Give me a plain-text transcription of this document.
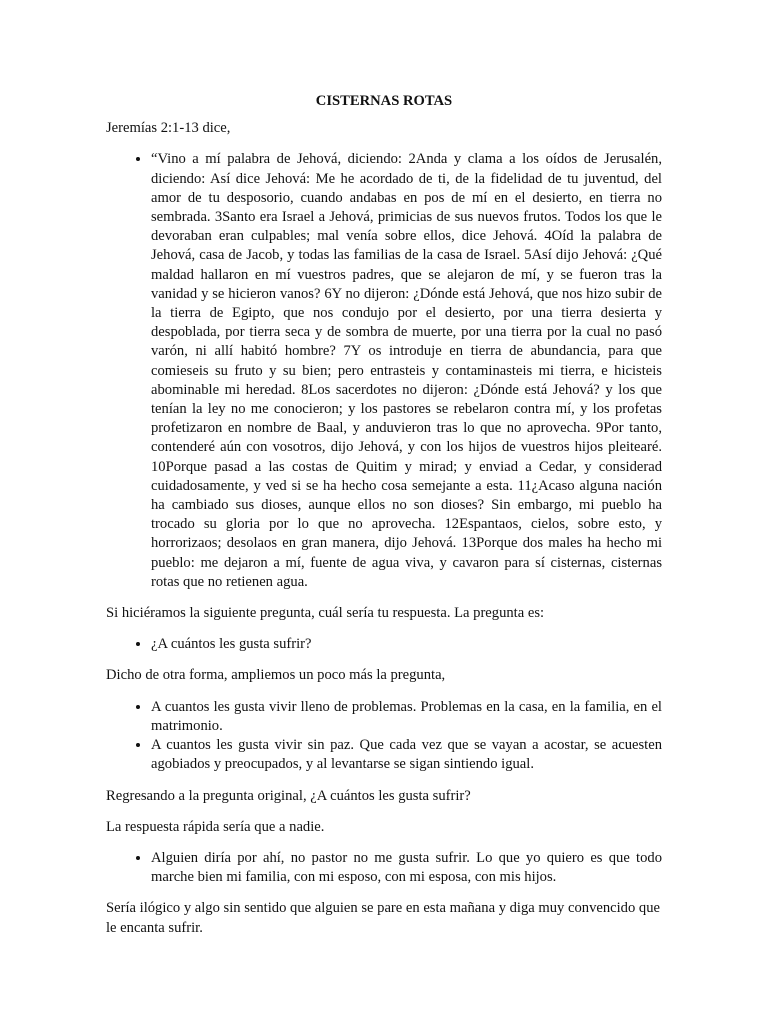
CISTERNAS ROTAS

Jeremías 2:1-13 dice,

• “Vino a mí palabra de Jehová, diciendo: 2Anda y clama a los oídos de Jerusalén, diciendo: Así dice Jehová: Me he acordado de ti, de la fidelidad de tu juventud, del amor de tu desposorio, cuando andabas en pos de mí en el desierto, en tierra no sembrada. 3Santo era Israel a Jehová, primicias de sus nuevos frutos. Todos los que le devoraban eran culpables; mal venía sobre ellos, dice Jehová. 4Oíd la palabra de Jehová, casa de Jacob, y todas las familias de la casa de Israel. 5Así dijo Jehová: ¿Qué maldad hallaron en mí vuestros padres, que se alejaron de mí, y se fueron tras la vanidad y se hicieron vanos? 6Y no dijeron: ¿Dónde está Jehová, que nos hizo subir de la tierra de Egipto, que nos condujo por el desierto, por una tierra desierta y despoblada, por tierra seca y de sombra de muerte, por una tierra por la cual no pasó varón, ni allí habitó hombre? 7Y os introduje en tierra de abundancia, para que comieseis su fruto y su bien; pero entrasteis y contaminasteis mi tierra, e hicisteis abominable mi heredad. 8Los sacerdotes no dijeron: ¿Dónde está Jehová? y los que tenían la ley no me conocieron; y los pastores se rebelaron contra mí, y los profetas profetizaron en nombre de Baal, y anduvieron tras lo que no aprovecha. 9Por tanto, contenderé aún con vosotros, dijo Jehová, y con los hijos de vuestros hijos pleitearé. 10Porque pasad a las costas de Quitim y mirad; y enviad a Cedar, y considerad cuidadosamente, y ved si se ha hecho cosa semejante a esta. 11¿Acaso alguna nación ha cambiado sus dioses, aunque ellos no son dioses? Sin embargo, mi pueblo ha trocado su gloria por lo que no aprovecha. 12Espantaos, cielos, sobre esto, y horrorizaos; desolaos en gran manera, dijo Jehová. 13Porque dos males ha hecho mi pueblo: me dejaron a mí, fuente de agua viva, y cavaron para sí cisternas, cisternas rotas que no retienen agua.

Si hiciéramos la siguiente pregunta, cuál sería tu respuesta. La pregunta es:

• ¿A cuántos les gusta sufrir?

Dicho de otra forma, ampliemos un poco más la pregunta,

• A cuantos les gusta vivir lleno de problemas. Problemas en la casa, en la familia, en el matrimonio.
• A cuantos les gusta vivir sin paz. Que cada vez que se vayan a acostar, se acuesten agobiados y preocupados, y al levantarse se sigan sintiendo igual.

Regresando a la pregunta original, ¿A cuántos les gusta sufrir?

La respuesta rápida sería que a nadie.

• Alguien diría por ahí, no pastor no me gusta sufrir. Lo que yo quiero es que todo marche bien mi familia, con mi esposo, con mi esposa, con mis hijos.

Sería ilógico y algo sin sentido que alguien se pare en esta mañana y diga muy convencido que le encanta sufrir.
